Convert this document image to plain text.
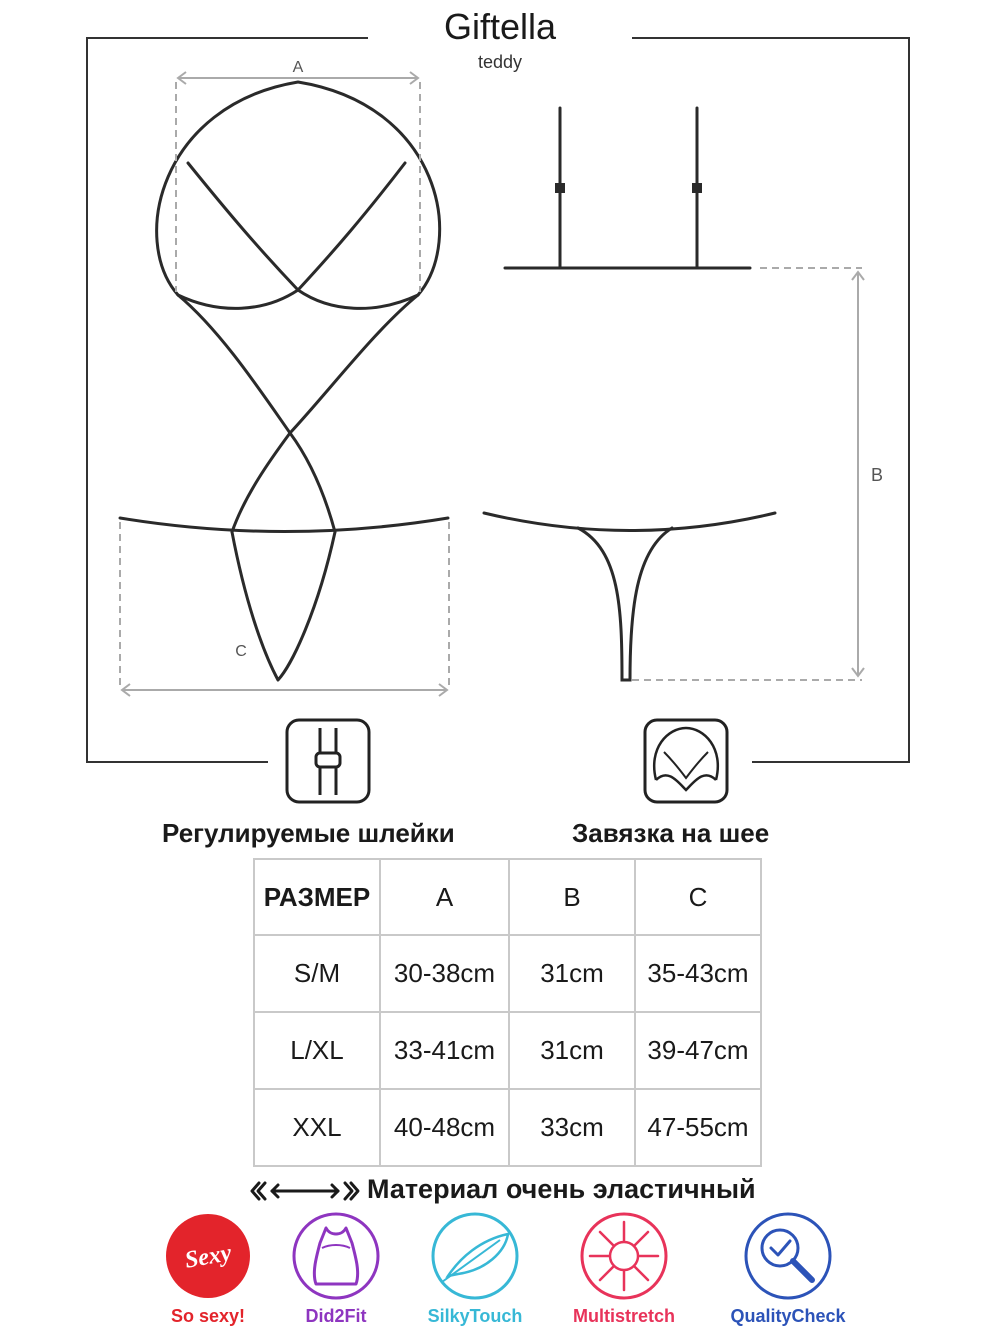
Giftella
teddy
A
C
B
Регулируемые шлейки	Завязка на шее
РАЗМЕР	A	B	C
S/M	30-38cm	31cm	35-43cm
L/XL	33-41cm	31cm	39-47cm
XXL	40-48cm	33cm	47-55cm
Материал очень эластичный
Sexy
So sexy!	Did2Fit	SilkyTouch	Multistretch	QualityCheck
